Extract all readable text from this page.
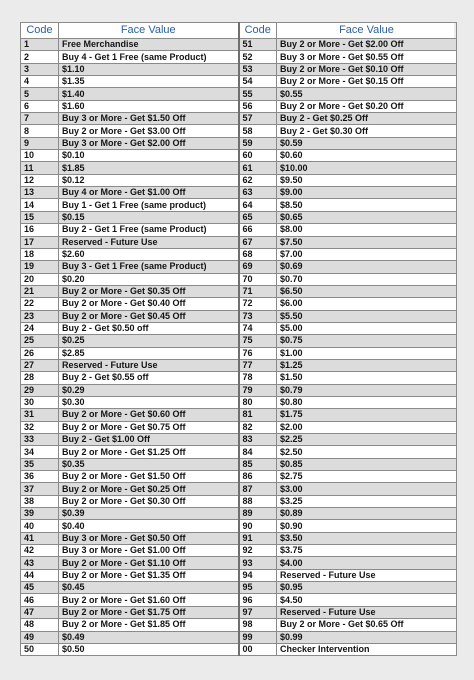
Code	Face Value	Code	Face Value
1	Free Merchandise	51	Buy 2 or More - Get $2.00 Off
2	Buy 4 - Get 1 Free (same Product)	52	Buy 3 or More - Get $0.55 Off
3	$1.10	53	Buy 2 or More - Get $0.10 Off
4	$1.35	54	Buy 2 or More - Get $0.15 Off
5	$1.40	55	$0.55
6	$1.60	56	Buy 2 or More - Get $0.20 Off
7	Buy 3 or More - Get $1.50 Off	57	Buy 2 - Get $0.25 Off
8	Buy 2 or More - Get $3.00 Off	58	Buy 2 - Get $0.30 Off
9	Buy 3 or More - Get $2.00 Off	59	$0.59
10	$0.10	60	$0.60
11	$1.85	61	$10.00
12	$0.12	62	$9.50
13	Buy 4 or More - Get $1.00 Off	63	$9.00
14	Buy 1 - Get 1 Free (same product)	64	$8.50
15	$0.15	65	$0.65
16	Buy 2 - Get 1 Free (same Product)	66	$8.00
17	Reserved - Future Use	67	$7.50
18	$2.60	68	$7.00
19	Buy 3 - Get 1 Free (same Product)	69	$0.69
20	$0.20	70	$0.70
21	Buy 2 or More - Get $0.35 Off	71	$6.50
22	Buy 2 or More - Get $0.40 Off	72	$6.00
23	Buy 2 or More - Get $0.45 Off	73	$5.50
24	Buy 2 - Get $0.50 off	74	$5.00
25	$0.25	75	$0.75
26	$2.85	76	$1.00
27	Reserved - Future Use	77	$1.25
28	Buy 2 - Get $0.55 off	78	$1.50
29	$0.29	79	$0.79
30	$0.30	80	$0.80
31	Buy 2 or More - Get $0.60 Off	81	$1.75
32	Buy 2 or More - Get $0.75 Off	82	$2.00
33	Buy 2 - Get $1.00 Off	83	$2.25
34	Buy 2 or More - Get $1.25 Off	84	$2.50
35	$0.35	85	$0.85
36	Buy 2 or More - Get $1.50 Off	86	$2.75
37	Buy 2 or More - Get $0.25 Off	87	$3.00
38	Buy 2 or More - Get $0.30 Off	88	$3.25
39	$0.39	89	$0.89
40	$0.40	90	$0.90
41	Buy 3 or More - Get $0.50 Off	91	$3.50
42	Buy 3 or More - Get $1.00 Off	92	$3.75
43	Buy 2 or More - Get $1.10 Off	93	$4.00
44	Buy 2 or More - Get $1.35 Off	94	Reserved - Future Use
45	$0.45	95	$0.95
46	Buy 2 or More - Get $1.60 Off	96	$4.50
47	Buy 2 or More - Get $1.75 Off	97	Reserved - Future Use
48	Buy 2 or More - Get $1.85 Off	98	Buy 2 or More - Get $0.65 Off
49	$0.49	99	$0.99
50	$0.50	00	Checker Intervention
